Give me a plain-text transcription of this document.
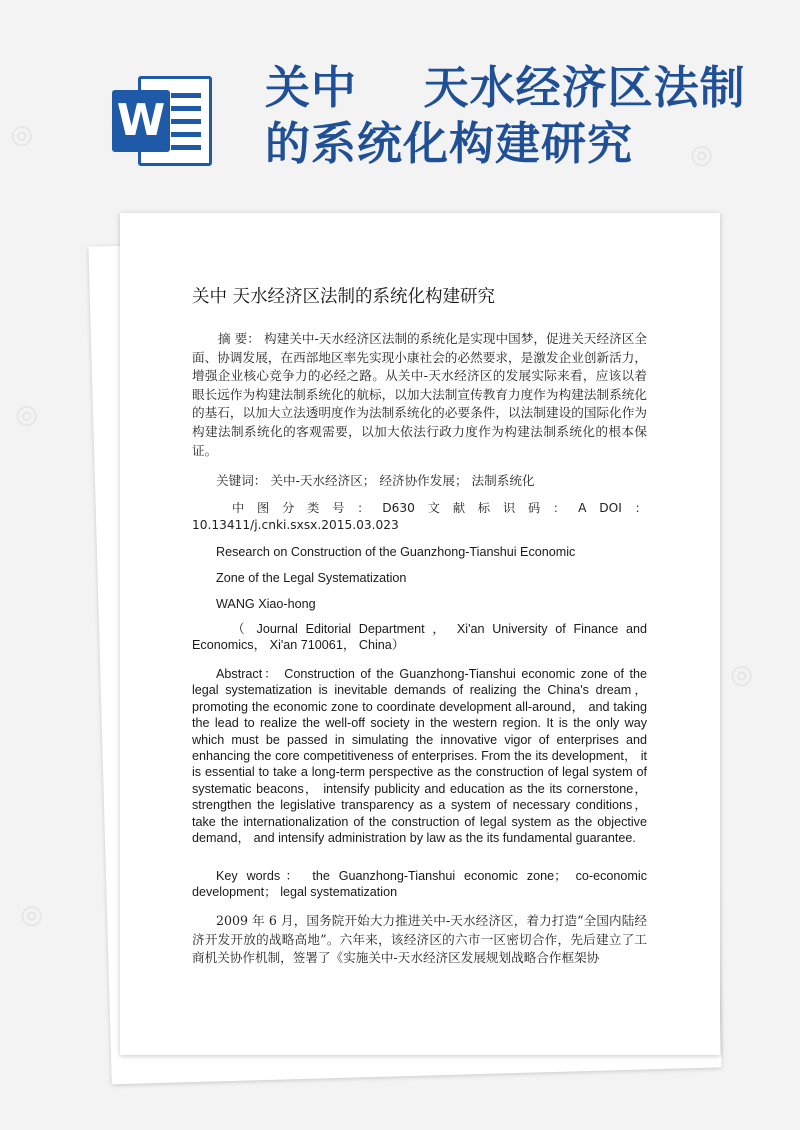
W
关中    天水经济区法制
的系统化构建研究
关中 天水经济区法制的系统化构建研究
摘 要： 构建关中-天水经济区法制的系统化是实现中国梦，促进关天经济区全面、协调发展，在西部地区率先实现小康社会的必然要求，是激发企业创新活力，增强企业核心竞争力的必经之路。从关中-天水经济区的发展实际来看，应该以着眼长远作为构建法制系统化的航标，以加大法制宣传教育力度作为构建法制系统化的基石，以加大立法透明度作为法制系统化的必要条件，以法制建设的国际化作为构建法制系统化的客观需要，以加大依法行政力度作为构建法制系统化的根本保证。
关键词： 关中-天水经济区； 经济协作发展； 法制系统化
中 图 分 类 号 ： D630 文 献 标 识 码 ： A DOI ：
10.13411/j.cnki.sxsx.2015.03.023
Research on Construction of the Guanzhong-Tianshui Economic
Zone of the Legal Systematization
WANG Xiao-hong
（ Journal Editorial Department ， Xi'an University of Finance and Economics， Xi'an 710061， China）
Abstract： Construction of the Guanzhong-Tianshui economic zone of the legal systematization is inevitable demands of realizing the China's dream， promoting the economic zone to coordinate development all-around， and taking the lead to realize the well-off society in the western region. It is the only way which must be passed in simulating the innovative vigor of enterprises and enhancing the core competitiveness of enterprises. From the its development， it is essential to take a long-term perspective as the construction of legal system of systematic beacons， intensify publicity and education as the its cornerstone， strengthen the legislative transparency as a system of necessary conditions， take the internationalization of the construction of legal system as the objective demand， and intensify administration by law as the its fundamental guarantee.
Key words： the Guanzhong-Tianshui economic zone； co-economic development； legal systematization
2009 年 6 月，国务院开始大力推进关中-天水经济区，着力打造“全国内陆经济开发开放的战略高地”。六年来，该经济区的六市一区密切合作，先后建立了工商机关协作机制，签署了《实施关中-天水经济区发展规划战略合作框架协
◎
◎
◎
◎
◎
